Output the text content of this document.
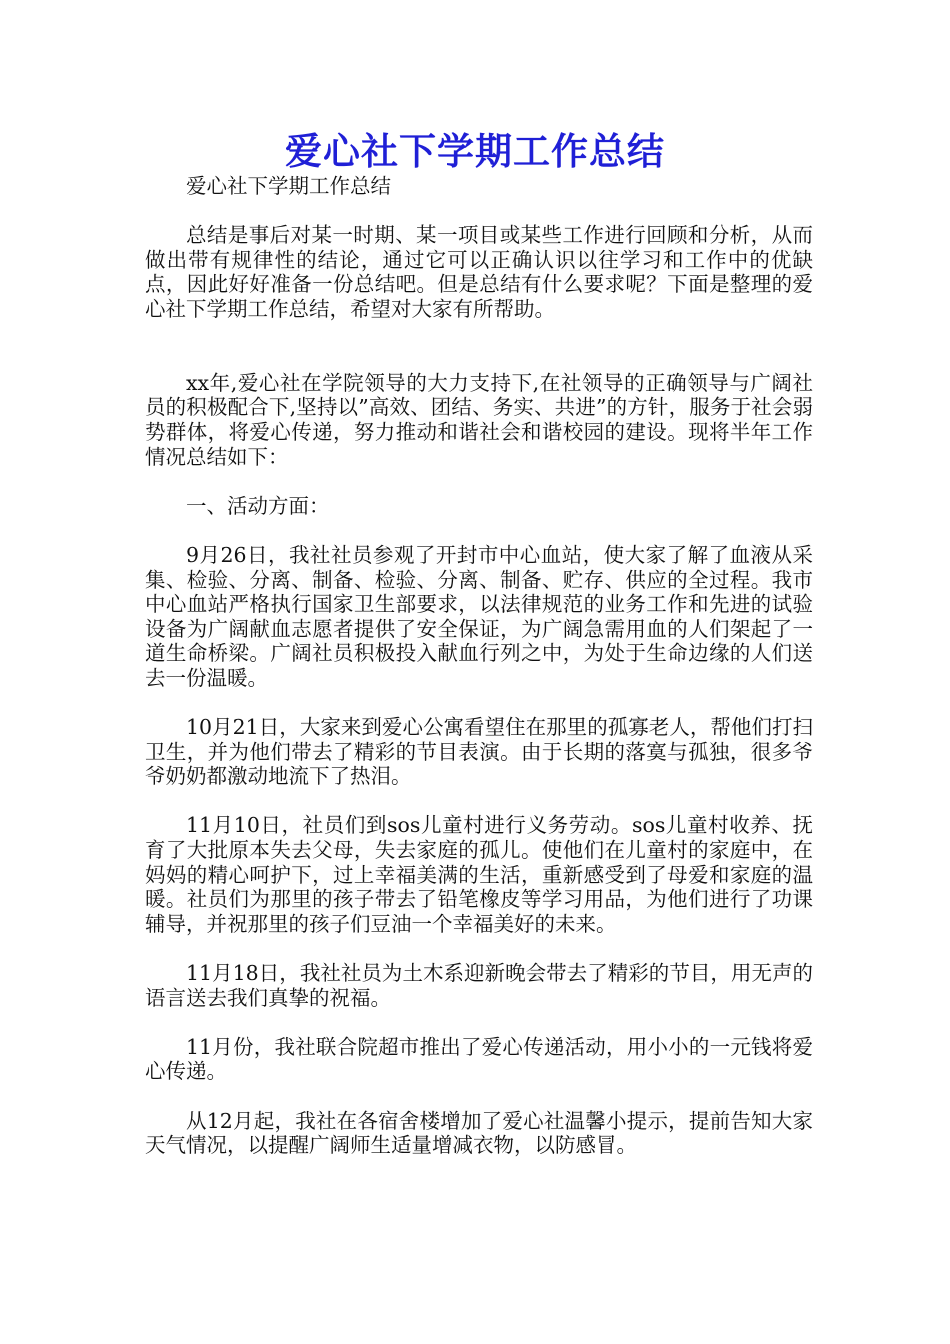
爱心社下学期工作总结

爱心社下学期工作总结

总结是事后对某一时期、某一项目或某些工作进行回顾和分析，从而做出带有规律性的结论，通过它可以正确认识以往学习和工作中的优缺点，因此好好准备一份总结吧。但是总结有什么要求呢？下面是整理的爱心社下学期工作总结，希望对大家有所帮助。

xx年,爱心社在学院领导的大力支持下,在社领导的正确领导与广阔社员的积极配合下,坚持以”高效、团结、务实、共进”的方针，服务于社会弱势群体，将爱心传递，努力推动和谐社会和谐校园的建设。现将半年工作情况总结如下：

一、活动方面：

9月26日，我社社员参观了开封市中心血站，使大家了解了血液从采集、检验、分离、制备、检验、分离、制备、贮存、供应的全过程。我市中心血站严格执行国家卫生部要求，以法律规范的业务工作和先进的试验设备为广阔献血志愿者提供了安全保证，为广阔急需用血的人们架起了一道生命桥梁。广阔社员积极投入献血行列之中，为处于生命边缘的人们送去一份温暖。

10月21日，大家来到爱心公寓看望住在那里的孤寡老人，帮他们打扫卫生，并为他们带去了精彩的节目表演。由于长期的落寞与孤独，很多爷爷奶奶都激动地流下了热泪。

11月10日，社员们到sos儿童村进行义务劳动。sos儿童村收养、抚育了大批原本失去父母，失去家庭的孤儿。使他们在儿童村的家庭中，在妈妈的精心呵护下，过上幸福美满的生活，重新感受到了母爱和家庭的温暖。社员们为那里的孩子带去了铅笔橡皮等学习用品，为他们进行了功课辅导，并祝那里的孩子们豆油一个幸福美好的未来。

11月18日，我社社员为土木系迎新晚会带去了精彩的节目，用无声的语言送去我们真挚的祝福。

11月份，我社联合院超市推出了爱心传递活动，用小小的一元钱将爱心传递。

从12月起，我社在各宿舍楼增加了爱心社温馨小提示，提前告知大家天气情况，以提醒广阔师生适量增减衣物，以防感冒。
